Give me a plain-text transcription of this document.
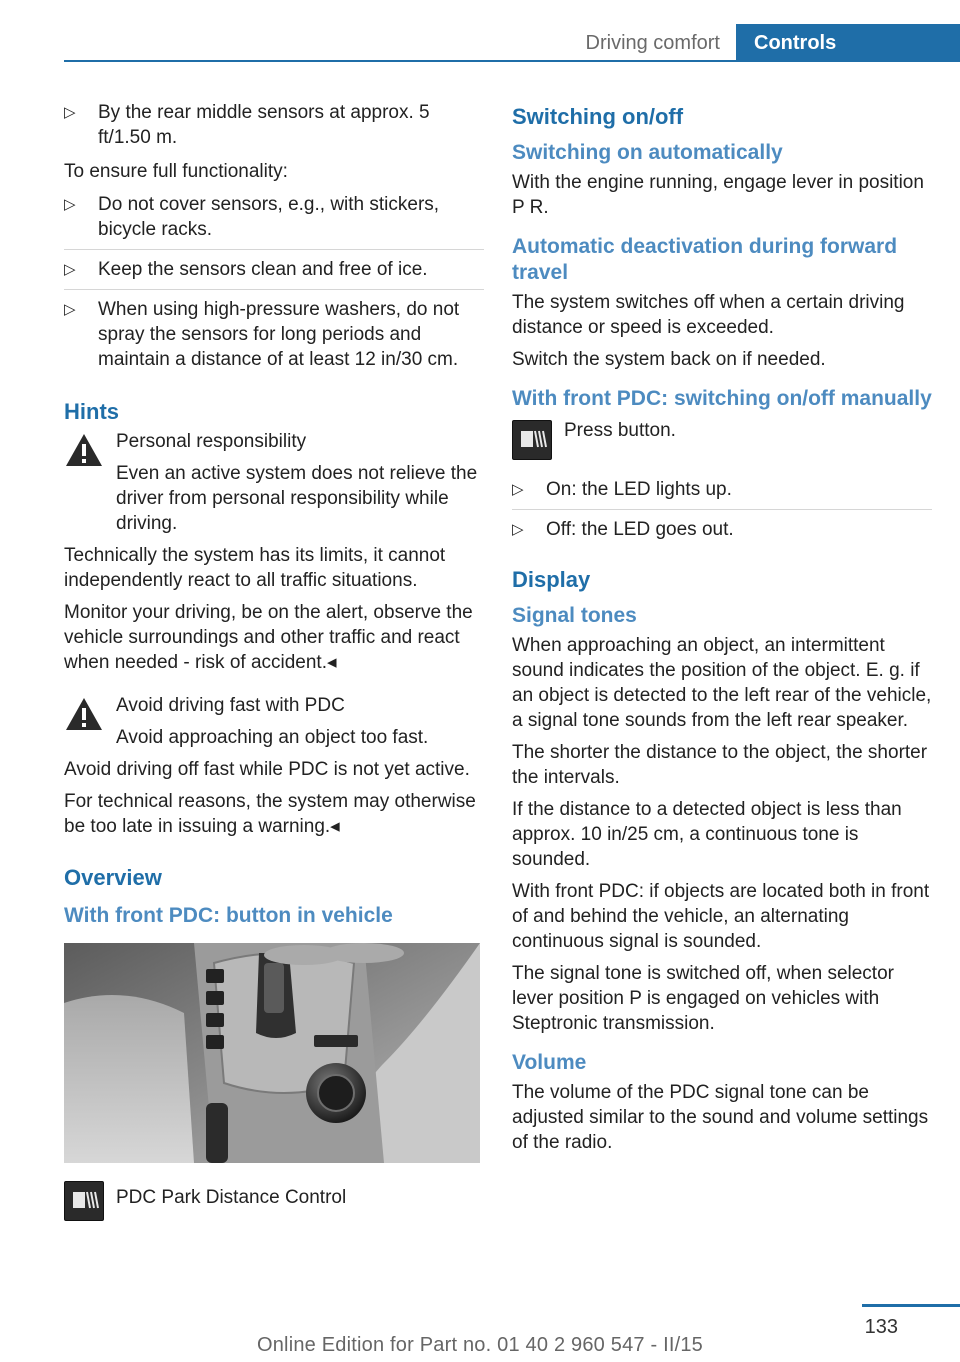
Driving comfort	Controls
▷ By the rear middle sensors at approx. 5 ft/1.50 m.

To ensure full functionality:

▷ Do not cover sensors, e.g., with stickers, bicycle racks.
▷ Keep the sensors clean and free of ice.
▷ When using high-pressure washers, do not spray the sensors for long periods and maintain a distance of at least 12 in/30 cm.
Hints
Personal responsibility
Even an active system does not relieve the driver from personal responsibility while driving.

Technically the system has its limits, it cannot independently react to all traffic situations.

Monitor your driving, be on the alert, observe the vehicle surroundings and other traffic and react when needed - risk of accident.◂

Avoid driving fast with PDC
Avoid approaching an object too fast.

Avoid driving off fast while PDC is not yet active.

For technical reasons, the system may otherwise be too late in issuing a warning.◂

Overview
With front PDC: button in vehicle
PDC Park Distance Control
Switching on/off
Switching on automatically

With the engine running, engage lever in position P R.

Automatic deactivation during forward travel

The system switches off when a certain driving distance or speed is exceeded.

Switch the system back on if needed.

With front PDC: switching on/off manually
Press button.
▷ On: the LED lights up.
▷ Off: the LED goes out.
Display
Signal tones

When approaching an object, an intermittent sound indicates the position of the object. E. g. if an object is detected to the left rear of the vehicle, a signal tone sounds from the left rear speaker.

The shorter the distance to the object, the shorter the intervals.

If the distance to a detected object is less than approx. 10 in/25 cm, a continuous tone is sounded.

With front PDC: if objects are located both in front of and behind the vehicle, an alternating continuous signal is sounded.

The signal tone is switched off, when selector lever position P is engaged on vehicles with Steptronic transmission.

Volume

The volume of the PDC signal tone can be adjusted similar to the sound and volume settings of the radio.

133
Online Edition for Part no. 01 40 2 960 547 - II/15
